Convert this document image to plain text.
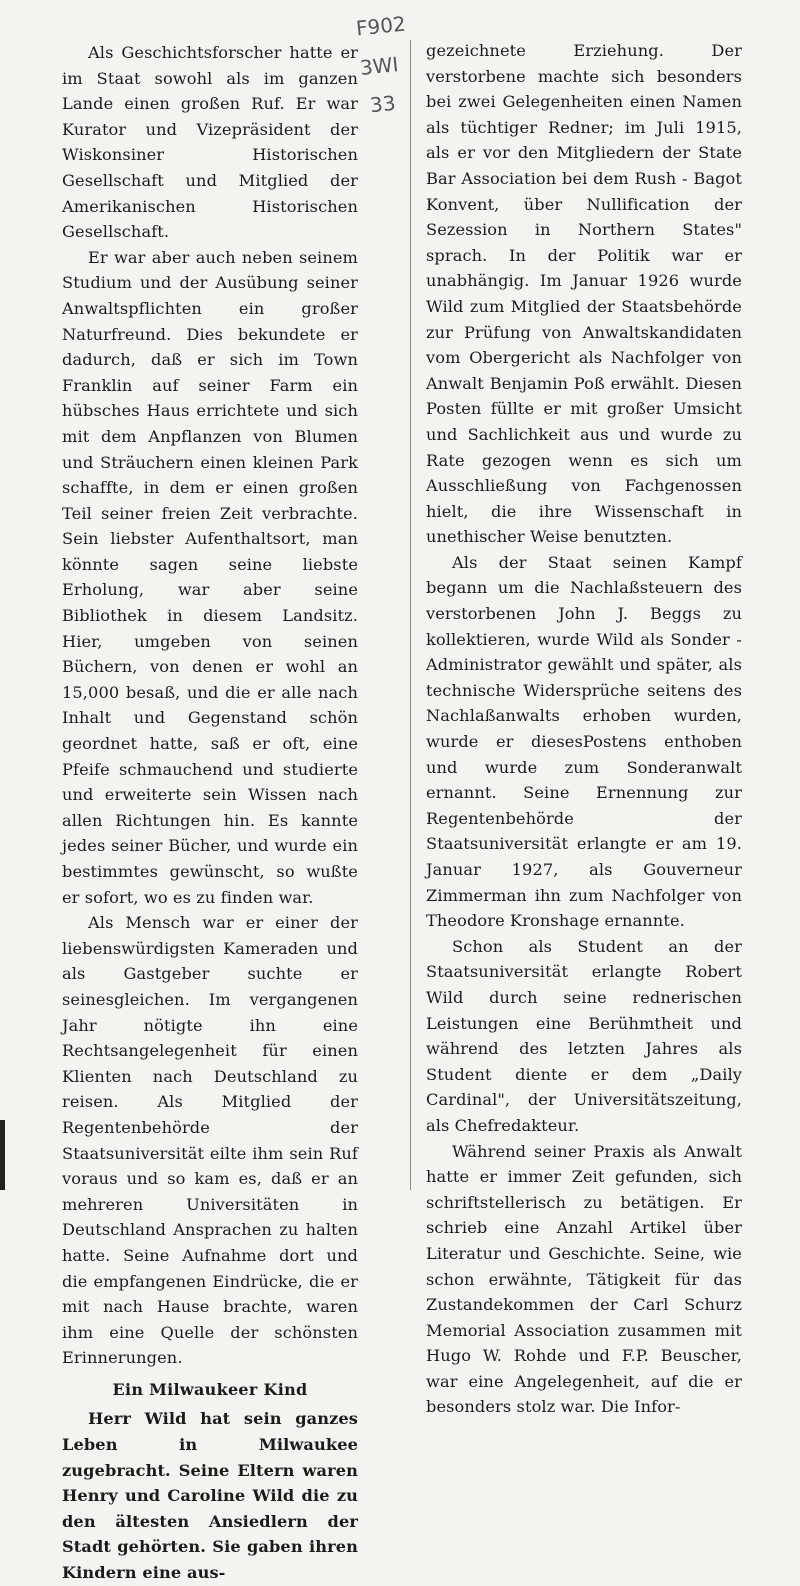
F902
3WI
33

Als Geschichtsforscher hatte er im Staat sowohl als im ganzen Lande einen großen Ruf. Er war Kurator und Vizepräsident der Wiskonsiner Historischen Gesellschaft und Mitglied der Amerikanischen Historischen Gesellschaft.

Er war aber auch neben seinem Studium und der Ausübung seiner Anwaltspflichten ein großer Naturfreund. Dies bekundete er dadurch, daß er sich im Town Franklin auf seiner Farm ein hübsches Haus errichtete und sich mit dem Anpflanzen von Blumen und Sträuchern einen kleinen Park schaffte, in dem er einen großen Teil seiner freien Zeit verbrachte. Sein liebster Aufenthaltsort, man könnte sagen seine liebste Erholung, war aber seine Bibliothek in diesem Landsitz. Hier, umgeben von seinen Büchern, von denen er wohl an 15,000 besaß, und die er alle nach Inhalt und Gegenstand schön geordnet hatte, saß er oft, eine Pfeife schmauchend und studierte und erweiterte sein Wissen nach allen Richtungen hin. Es kannte jedes seiner Bücher, und wurde ein bestimmtes gewünscht, so wußte er sofort, wo es zu finden war.

Als Mensch war er einer der liebenswürdigsten Kameraden und als Gastgeber suchte er seinesgleichen. Im vergangenen Jahr nötigte ihn eine Rechtsangelegenheit für einen Klienten nach Deutschland zu reisen. Als Mitglied der Regentenbehörde der Staatsuniversität eilte ihm sein Ruf voraus und so kam es, daß er an mehreren Universitäten in Deutschland Ansprachen zu halten hatte. Seine Aufnahme dort und die empfangenen Eindrücke, die er mit nach Hause brachte, waren ihm eine Quelle der schönsten Erinnerungen.

Ein Milwaukeer Kind

Herr Wild hat sein ganzes Leben in Milwaukee zugebracht. Seine Eltern waren Henry und Caroline Wild die zu den ältesten Ansiedlern der Stadt gehörten. Sie gaben ihren Kindern eine aus-

gezeichnete Erziehung. Der verstorbene machte sich besonders bei zwei Gelegenheiten einen Namen als tüchtiger Redner; im Juli 1915, als er vor den Mitgliedern der State Bar Association bei dem Rush - Bagot Konvent, über Nullification der Sezession in Northern States" sprach. In der Politik war er unabhängig. Im Januar 1926 wurde Wild zum Mitglied der Staatsbehörde zur Prüfung von Anwaltskandidaten vom Obergericht als Nachfolger von Anwalt Benjamin Poß erwählt. Diesen Posten füllte er mit großer Umsicht und Sachlichkeit aus und wurde zu Rate gezogen wenn es sich um Ausschließung von Fachgenossen hielt, die ihre Wissenschaft in unethischer Weise benutzten.

Als der Staat seinen Kampf begann um die Nachlaßsteuern des verstorbenen John J. Beggs zu kollektieren, wurde Wild als Sonder - Administrator gewählt und später, als technische Widersprüche seitens des Nachlaßanwalts erhoben wurden, wurde er diesesPostens enthoben und wurde zum Sonderanwalt ernannt. Seine Ernennung zur Regentenbehörde der Staatsuniversität erlangte er am 19. Januar 1927, als Gouverneur Zimmerman ihn zum Nachfolger von Theodore Kronshage ernannte.

Schon als Student an der Staatsuniversität erlangte Robert Wild durch seine rednerischen Leistungen eine Berühmtheit und während des letzten Jahres als Student diente er dem „Daily Cardinal", der Universitätszeitung, als Chefredakteur.

Während seiner Praxis als Anwalt hatte er immer Zeit gefunden, sich schriftstellerisch zu betätigen. Er schrieb eine Anzahl Artikel über Literatur und Geschichte. Seine, wie schon erwähnte, Tätigkeit für das Zustandekommen der Carl Schurz Memorial Association zusammen mit Hugo W. Rohde und F.P. Beuscher, war eine Angelegenheit, auf die er besonders stolz war. Die Infor-
